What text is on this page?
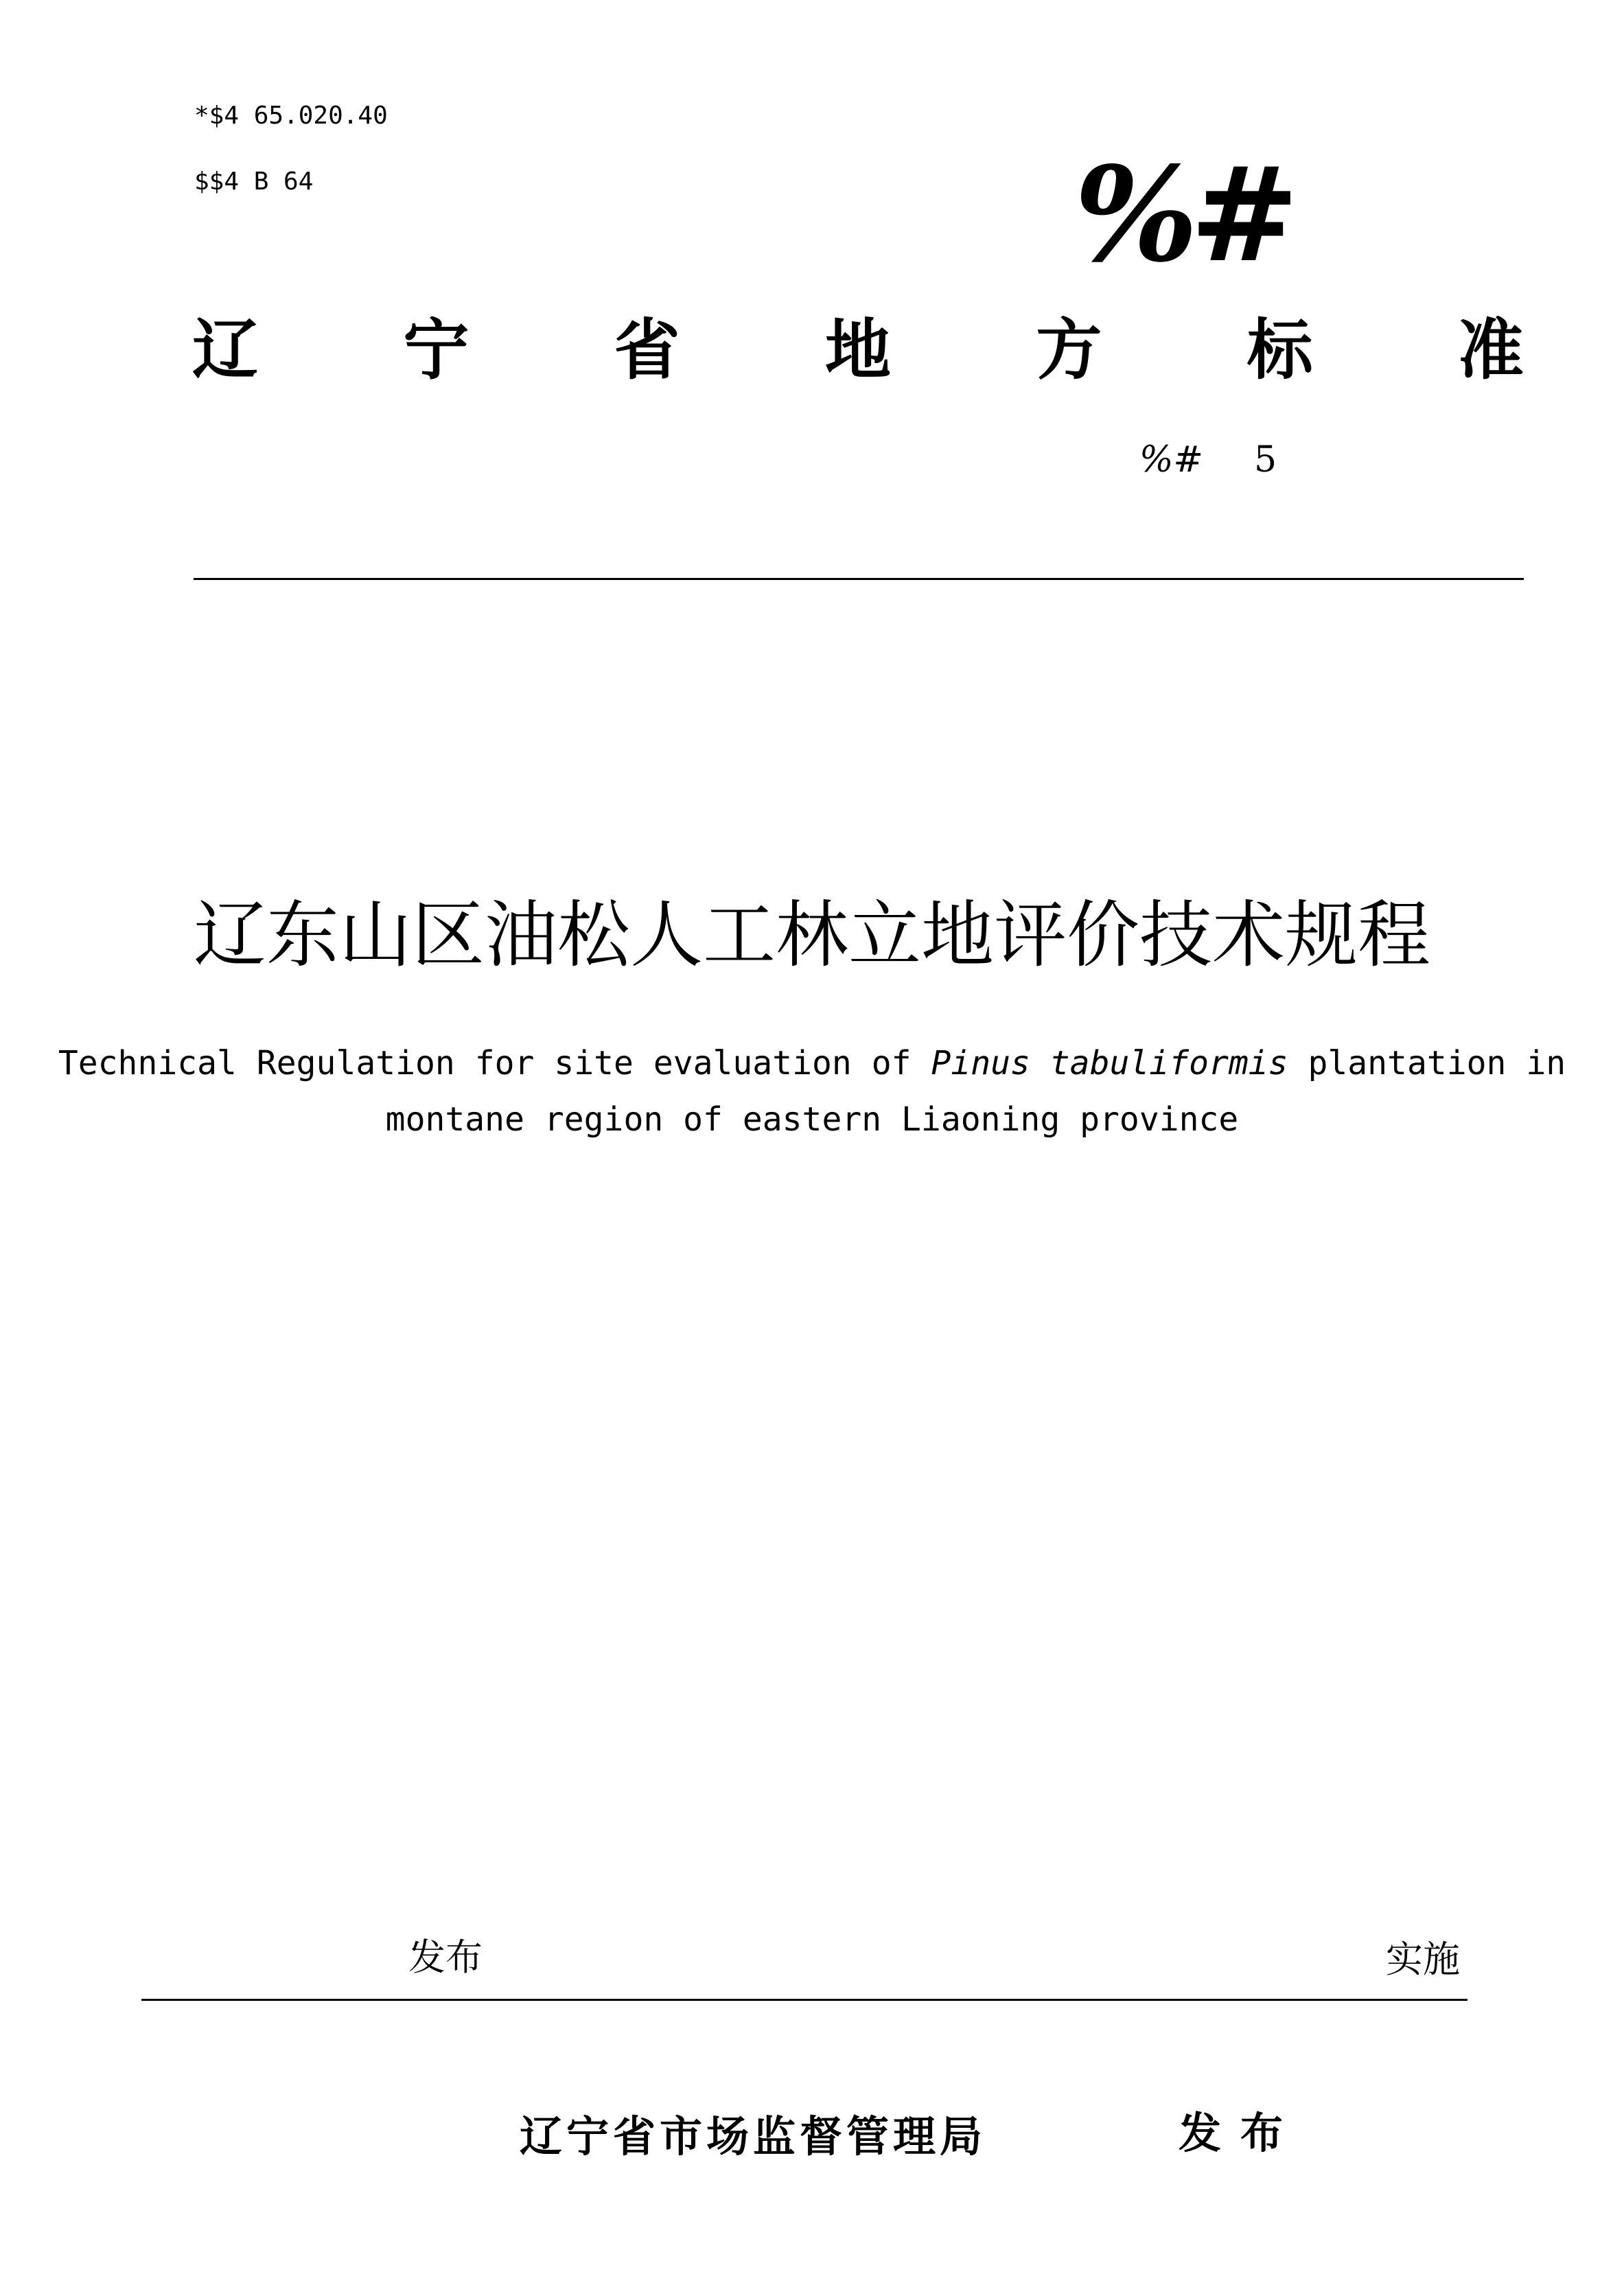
*$4 65.020.40
$$4 B 64	%#
辽 宁 省 地 方 标 准
%# 5
辽东山区油松人工林立地评价技术规程
Technical Regulation for site evaluation of Pinus tabuliformis plantation in montane region of eastern Liaoning province
发布	实施
辽宁省市场监督管理局	发布
